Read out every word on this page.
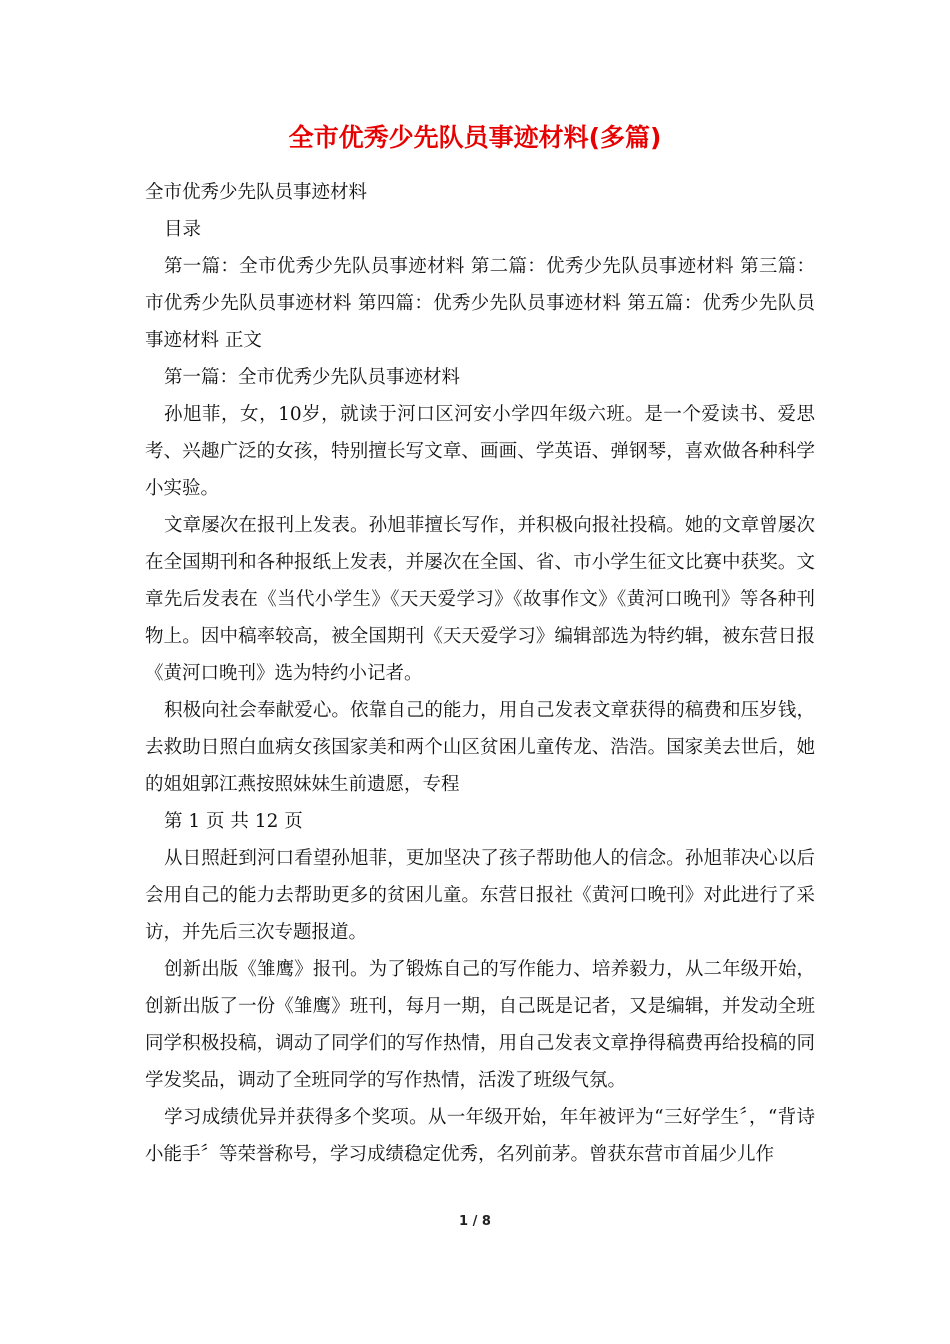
全市优秀少先队员事迹材料(多篇)

全市优秀少先队员事迹材料

目录

第一篇：全市优秀少先队员事迹材料 第二篇：优秀少先队员事迹材料 第三篇：市优秀少先队员事迹材料 第四篇：优秀少先队员事迹材料 第五篇：优秀少先队员事迹材料 正文

第一篇：全市优秀少先队员事迹材料

孙旭菲，女，10岁，就读于河口区河安小学四年级六班。是一个爱读书、爱思考、兴趣广泛的女孩，特别擅长写文章、画画、学英语、弹钢琴，喜欢做各种科学小实验。

文章屡次在报刊上发表。孙旭菲擅长写作，并积极向报社投稿。她的文章曾屡次在全国期刊和各种报纸上发表，并屡次在全国、省、市小学生征文比赛中获奖。文章先后发表在《当代小学生》《天天爱学习》《故事作文》《黄河口晚刊》等各种刊物上。因中稿率较高，被全国期刊《天天爱学习》编辑部选为特约辑，被东营日报《黄河口晚刊》选为特约小记者。

积极向社会奉献爱心。依靠自己的能力，用自己发表文章获得的稿费和压岁钱，去救助日照白血病女孩国家美和两个山区贫困儿童传龙、浩浩。国家美去世后，她的姐姐郭江燕按照妹妹生前遗愿，专程

第 1 页 共 12 页

从日照赶到河口看望孙旭菲，更加坚决了孩子帮助他人的信念。孙旭菲决心以后会用自己的能力去帮助更多的贫困儿童。东营日报社《黄河口晚刊》对此进行了采访，并先后三次专题报道。

创新出版《雏鹰》报刊。为了锻炼自己的写作能力、培养毅力，从二年级开始，创新出版了一份《雏鹰》班刊，每月一期，自己既是记者，又是编辑，并发动全班同学积极投稿，调动了同学们的写作热情，用自己发表文章挣得稿费再给投稿的同学发奖品，调动了全班同学的写作热情，活泼了班级气氛。

学习成绩优异并获得多个奖项。从一年级开始，年年被评为“三好学生〞，“背诗小能手〞等荣誉称号，学习成绩稳定优秀，名列前茅。曾获东营市首届少儿作

1 / 8
